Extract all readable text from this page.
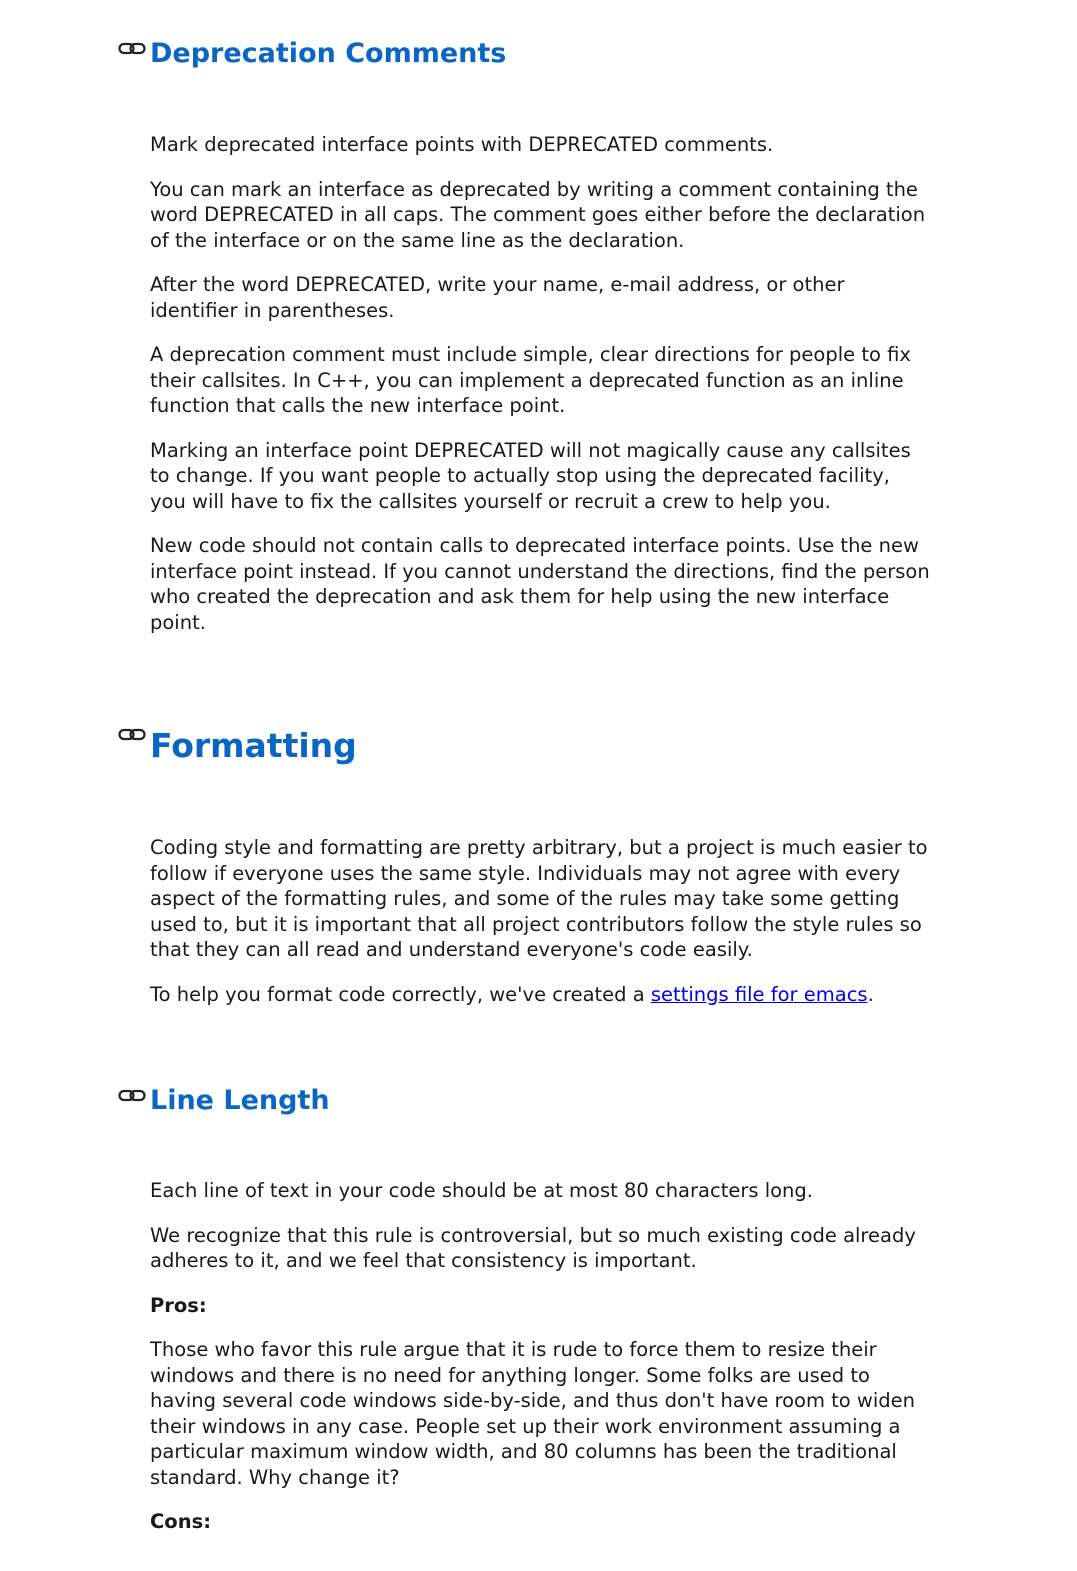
Deprecation Comments

Mark deprecated interface points with DEPRECATED comments.

You can mark an interface as deprecated by writing a comment containing the word DEPRECATED in all caps. The comment goes either before the declaration of the interface or on the same line as the declaration.

After the word DEPRECATED, write your name, e-mail address, or other identifier in parentheses.

A deprecation comment must include simple, clear directions for people to fix their callsites. In C++, you can implement a deprecated function as an inline function that calls the new interface point.

Marking an interface point DEPRECATED will not magically cause any callsites to change. If you want people to actually stop using the deprecated facility, you will have to fix the callsites yourself or recruit a crew to help you.

New code should not contain calls to deprecated interface points. Use the new interface point instead. If you cannot understand the directions, find the person who created the deprecation and ask them for help using the new interface point.

Formatting

Coding style and formatting are pretty arbitrary, but a project is much easier to follow if everyone uses the same style. Individuals may not agree with every aspect of the formatting rules, and some of the rules may take some getting used to, but it is important that all project contributors follow the style rules so that they can all read and understand everyone's code easily.

To help you format code correctly, we've created a settings file for emacs.

Line Length

Each line of text in your code should be at most 80 characters long.

We recognize that this rule is controversial, but so much existing code already adheres to it, and we feel that consistency is important.

Pros:

Those who favor this rule argue that it is rude to force them to resize their windows and there is no need for anything longer. Some folks are used to having several code windows side-by-side, and thus don't have room to widen their windows in any case. People set up their work environment assuming a particular maximum window width, and 80 columns has been the traditional standard. Why change it?

Cons:
